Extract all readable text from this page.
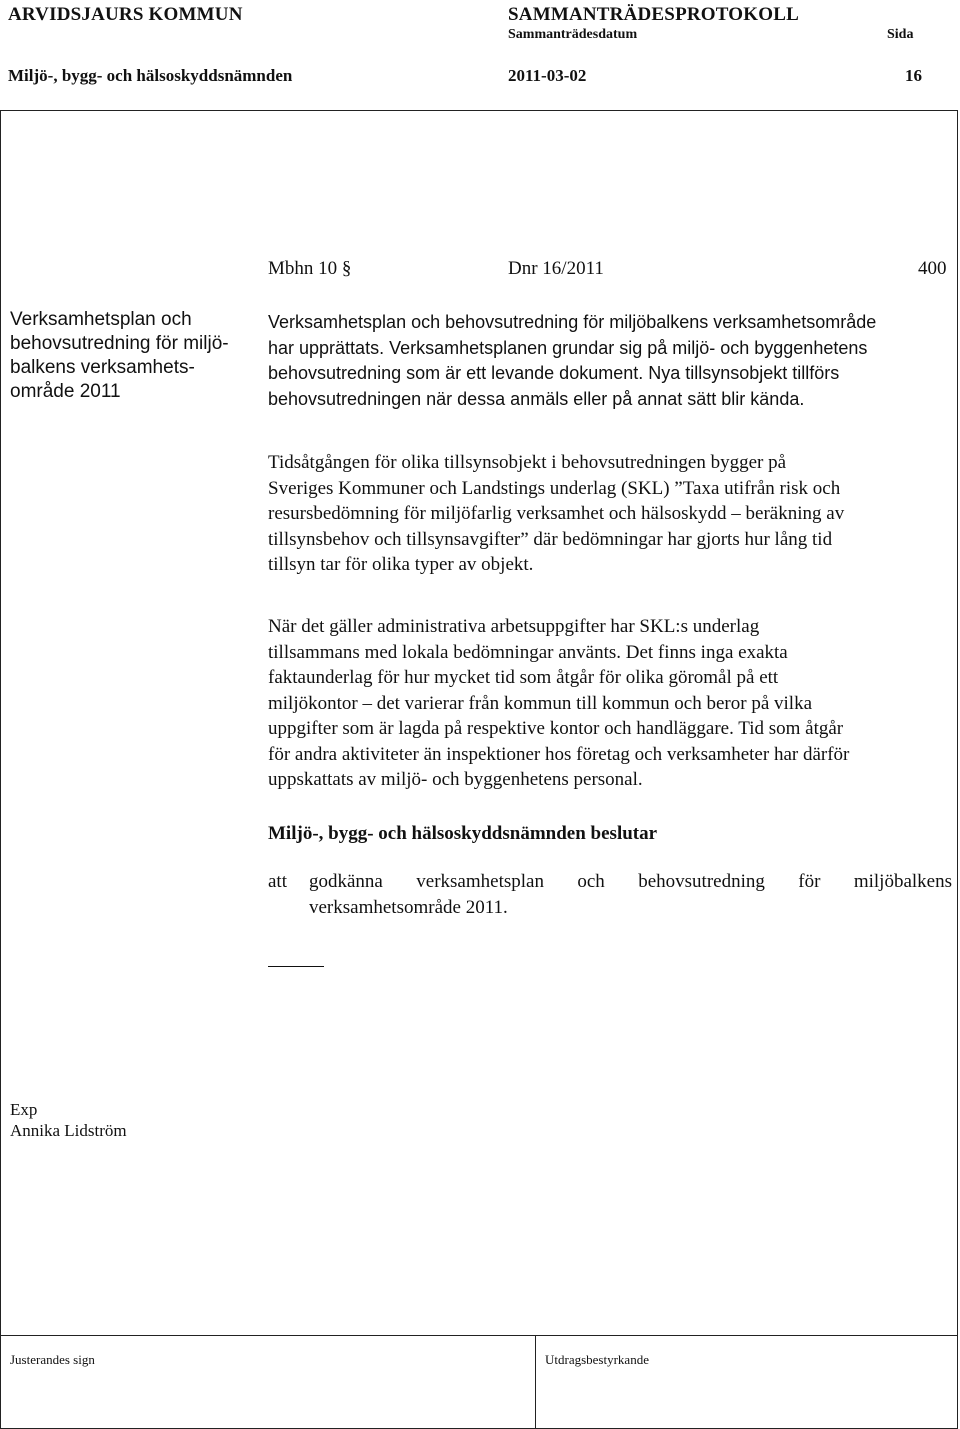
ARVIDSJAURS KOMMUN	SAMMANTRÄDESPROTOKOLL
Sammanträdesdatum	Sida
Miljö-, bygg- och hälsoskyddsnämnden	2011-03-02	16
Mbhn 10 §	Dnr 16/2011	400
Verksamhetsplan och
behovsutredning för miljö-
balkens verksamhets-
område 2011
Verksamhetsplan och behovsutredning för miljöbalkens verksamhetsområde
har upprättats. Verksamhetsplanen grundar sig på miljö- och byggenhetens
behovsutredning som är ett levande dokument. Nya tillsynsobjekt tillförs
behovsutredningen när dessa anmäls eller på annat sätt blir kända.
Tidsåtgången för olika tillsynsobjekt i behovsutredningen bygger på
Sveriges Kommuner och Landstings underlag (SKL) ”Taxa utifrån risk och
resursbedömning för miljöfarlig verksamhet och hälsoskydd – beräkning av
tillsynsbehov och tillsynsavgifter” där bedömningar har gjorts hur lång tid
tillsyn tar för olika typer av objekt.
När det gäller administrativa arbetsuppgifter har SKL:s underlag
tillsammans med lokala bedömningar använts. Det finns inga exakta
faktaunderlag för hur mycket tid som åtgår för olika göromål på ett
miljökontor – det varierar från kommun till kommun och beror på vilka
uppgifter som är lagda på respektive kontor och handläggare. Tid som åtgår
för andra aktiviteter än inspektioner hos företag och verksamheter har därför
uppskattats av miljö- och byggenhetens personal.
Miljö-, bygg- och hälsoskyddsnämnden beslutar
att godkänna verksamhetsplan och behovsutredning för miljöbalkens
verksamhetsområde 2011.
Exp
Annika Lidström
Justerandes sign	Utdragsbestyrkande
